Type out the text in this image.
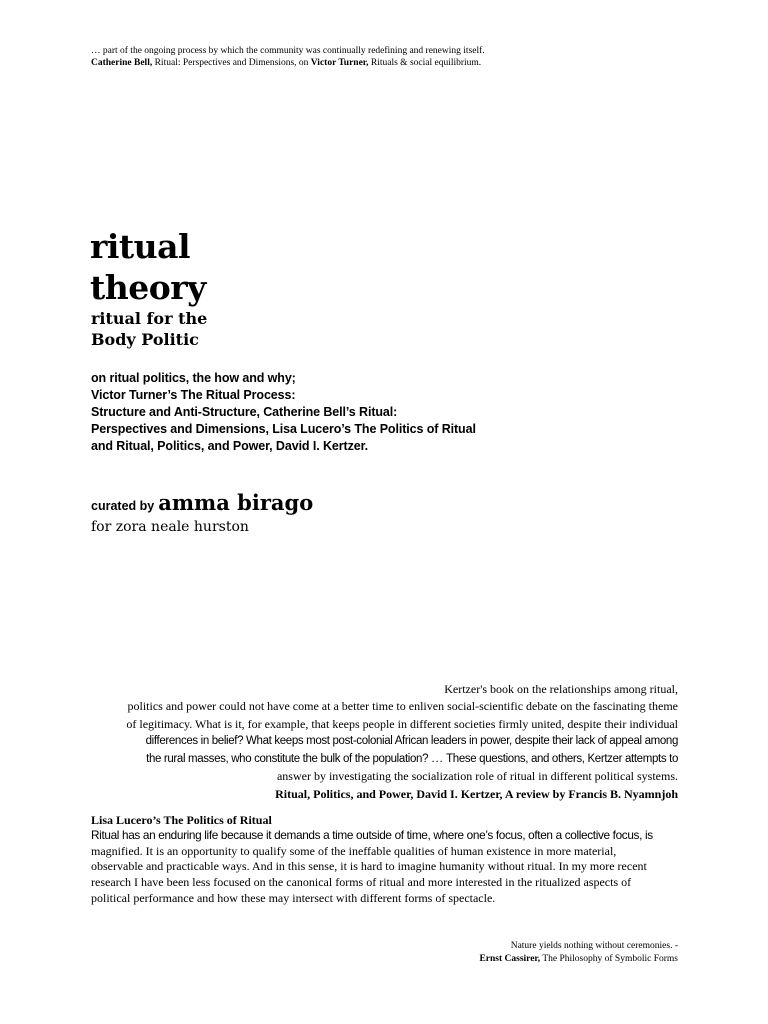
… part of the ongoing process by which the community was continually redefining and renewing itself.
Catherine Bell, Ritual: Perspectives and Dimensions, on Victor Turner, Rituals & social equilibrium.
ritual
theory
ritual for the
Body Politic
on ritual politics, the how and why;
Victor Turner’s The Ritual Process:
Structure and Anti-Structure, Catherine Bell’s Ritual:
Perspectives and Dimensions, Lisa Lucero’s The Politics of Ritual
and Ritual, Politics, and Power, David I. Kertzer.
curated by amma birago
for zora neale hurston
Kertzer's book on the relationships among ritual,
politics and power could not have come at a better time to enliven social-scientific debate on the fascinating theme
of legitimacy. What is it, for example, that keeps people in different societies firmly united, despite their individual
differences in belief? What keeps most post-colonial African leaders in power, despite their lack of appeal among
the rural masses, who constitute the bulk of the population? … These questions, and others, Kertzer attempts to
answer by investigating the socialization role of ritual in different political systems.
Ritual, Politics, and Power, David I. Kertzer, A review by Francis B. Nyamnjoh
Lisa Lucero’s The Politics of Ritual
Ritual has an enduring life because it demands a time outside of time, where one’s focus, often a collective focus, is
magnified. It is an opportunity to qualify some of the ineffable qualities of human existence in more material,
observable and practicable ways. And in this sense, it is hard to imagine humanity without ritual. In my more recent
research I have been less focused on the canonical forms of ritual and more interested in the ritualized aspects of
political performance and how these may intersect with different forms of spectacle.
Nature yields nothing without ceremonies. -
Ernst Cassirer, The Philosophy of Symbolic Forms
